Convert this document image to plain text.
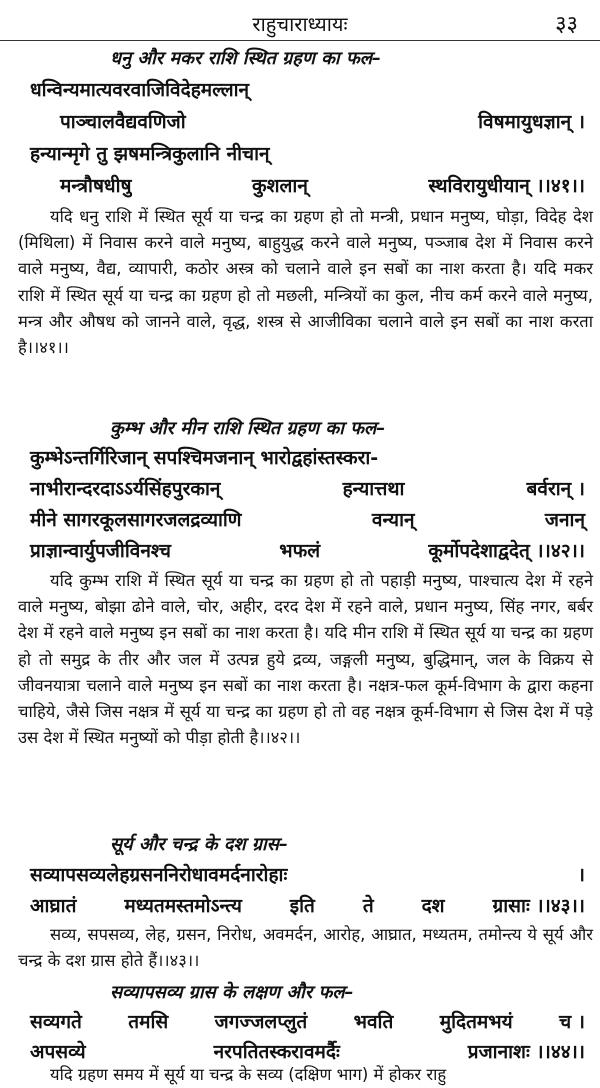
राहुचाराध्यायः	३३
धनु और मकर राशि स्थित ग्रहण का फल–
धन्विन्यमात्यवरवाजिविदेहमल्लान्
पाञ्चालवैद्यवणिजो	विषमायुधज्ञान् ।
हन्यान्मृगे तु झषमन्त्रिकुलानि नीचान्
मन्त्रौषधीषु	कुशलान्	स्थविरायुधीयान् ।।४१।।

यदि धनु राशि में स्थित सूर्य या चन्द्र का ग्रहण हो तो मन्त्री, प्रधान मनुष्य, घोड़ा, विदेह देश (मिथिला) में निवास करने वाले मनुष्य, बाहुयुद्ध करने वाले मनुष्य, पञ्जाब देश में निवास करने वाले मनुष्य, वैद्य, व्यापारी, कठोर अस्त्र को चलाने वाले इन सबों का नाश करता है। यदि मकर राशि में स्थित सूर्य या चन्द्र का ग्रहण हो तो मछली, मन्त्रियों का कुल, नीच कर्म करने वाले मनुष्य, मन्त्र और औषध को जानने वाले, वृद्ध, शस्त्र से आजीविका चलाने वाले इन सबों का नाश करता है।।४१।।

कुम्भ और मीन राशि स्थित ग्रहण का फल–
कुम्भेऽन्तर्गिरिजान् सपश्चिमजनान् भारोद्वहांस्तस्करा-
नाभीरान्दरदाऽऽर्यसिंहपुरकान्	हन्यात्तथा	बर्वरान् ।
मीने सागरकूलसागरजलद्रव्याणि	वन्यान्	जनान्
प्राज्ञान्वार्युपजीविनश्च	भफलं	कूर्मोपदेशाद्वदेत् ।।४२।।

यदि कुम्भ राशि में स्थित सूर्य या चन्द्र का ग्रहण हो तो पहाड़ी मनुष्य, पाश्चात्य देश में रहने वाले मनुष्य, बोझा ढोने वाले, चोर, अहीर, दरद देश में रहने वाले, प्रधान मनुष्य, सिंह नगर, बर्बर देश में रहने वाले मनुष्य इन सबों का नाश करता है। यदि मीन राशि में स्थित सूर्य या चन्द्र का ग्रहण हो तो समुद्र के तीर और जल में उत्पन्न हुये द्रव्य, जङ्गली मनुष्य, बुद्धिमान्, जल के विक्रय से जीवनयात्रा चलाने वाले मनुष्य इन सबों का नाश करता है। नक्षत्र-फल कूर्म-विभाग के द्वारा कहना चाहिये, जैसे जिस नक्षत्र में सूर्य या चन्द्र का ग्रहण हो तो वह नक्षत्र कूर्म-विभाग से जिस देश में पड़े उस देश में स्थित मनुष्यों को पीड़ा होती है।।४२।।

सूर्य और चन्द्र के दश ग्रास–
सव्यापसव्यलेहग्रसननिरोधावमर्दनारोहाः	।
आघ्रातं	मध्यतमस्तमोऽन्त्य	इति	ते	दश	ग्रासाः ।।४३।।

सव्य, सपसव्य, लेह, ग्रसन, निरोध, अवमर्दन, आरोह, आघ्रात, मध्यतम, तमोन्त्य ये सूर्य और चन्द्र के दश ग्रास होते हैं।।४३।।

सव्यापसव्य ग्रास के लक्षण और फल–
सव्यगते तमसि जगज्जलप्लुतं भवति मुदितमभयं च ।
अपसव्ये	नरपतितस्करावमर्दैः	प्रजानाशः ।।४४।।

यदि ग्रहण समय में सूर्य या चन्द्र के सव्य (दक्षिण भाग) में होकर राहु
